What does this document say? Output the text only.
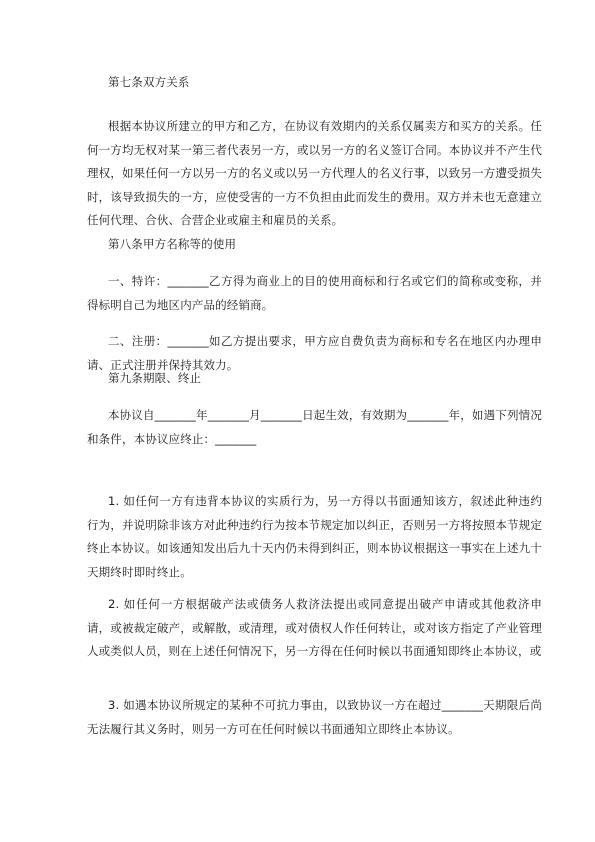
第七条双方关系

根据本协议所建立的甲方和乙方，在协议有效期内的关系仅属卖方和买方的关系。任何一方均无权对某一第三者代表另一方，或以另一方的名义签订合同。本协议并不产生代理权，如果任何一方以另一方的名义或以另一方代理人的名义行事，以致另一方遭受损失时，该导致损失的一方，应使受害的一方不负担由此而发生的费用。双方并未也无意建立任何代理、合伙、合营企业或雇主和雇员的关系。

第八条甲方名称等的使用

一、特许：_______乙方得为商业上的目的使用商标和行名或它们的简称或变称，并得标明自己为地区内产品的经销商。

二、注册：_______如乙方提出要求，甲方应自费负责为商标和专名在地区内办理申请、正式注册并保持其效力。

第九条期限、终止

本协议自_______年_______月_______日起生效，有效期为_______年，如遇下列情况和条件，本协议应终止：_______

1. 如任何一方有违背本协议的实质行为，另一方得以书面通知该方，叙述此种违约行为，并说明除非该方对此种违约行为按本节规定加以纠正，否则另一方将按照本节规定终止本协议。如该通知发出后九十天内仍未得到纠正，则本协议根据这一事实在上述九十天期终时即时终止。

2. 如任何一方根据破产法或债务人救济法提出或同意提出破产申请或其他救济申请，或被裁定破产，或解散，或清理，或对债权人作任何转让，或对该方指定了产业管理人或类似人员，则在上述任何情况下，另一方得在任何时候以书面通知即终止本协议，或

3. 如遇本协议所规定的某种不可抗力事由，以致协议一方在超过_______天期限后尚无法履行其义务时，则另一方可在任何时候以书面通知立即终止本协议。
